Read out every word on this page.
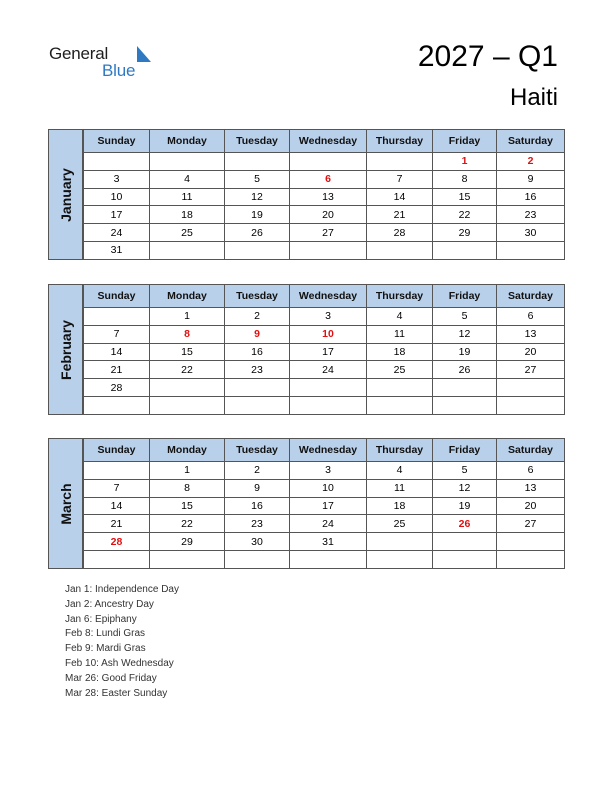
General
Blue	2027 – Q1
Haiti
January
Sunday	Monday	Tuesday	Wednesday	Thursday	Friday	Saturday
					1	2
3	4	5	6	7	8	9
10	11	12	13	14	15	16
17	18	19	20	21	22	23
24	25	26	27	28	29	30
31						
February
Sunday	Monday	Tuesday	Wednesday	Thursday	Friday	Saturday
	1	2	3	4	5	6
7	8	9	10	11	12	13
14	15	16	17	18	19	20
21	22	23	24	25	26	27
28						

March
Sunday	Monday	Tuesday	Wednesday	Thursday	Friday	Saturday
	1	2	3	4	5	6
7	8	9	10	11	12	13
14	15	16	17	18	19	20
21	22	23	24	25	26	27
28	29	30	31			

Jan 1: Independence Day
Jan 2: Ancestry Day
Jan 6: Epiphany
Feb 8: Lundi Gras
Feb 9: Mardi Gras
Feb 10: Ash Wednesday
Mar 26: Good Friday
Mar 28: Easter Sunday
